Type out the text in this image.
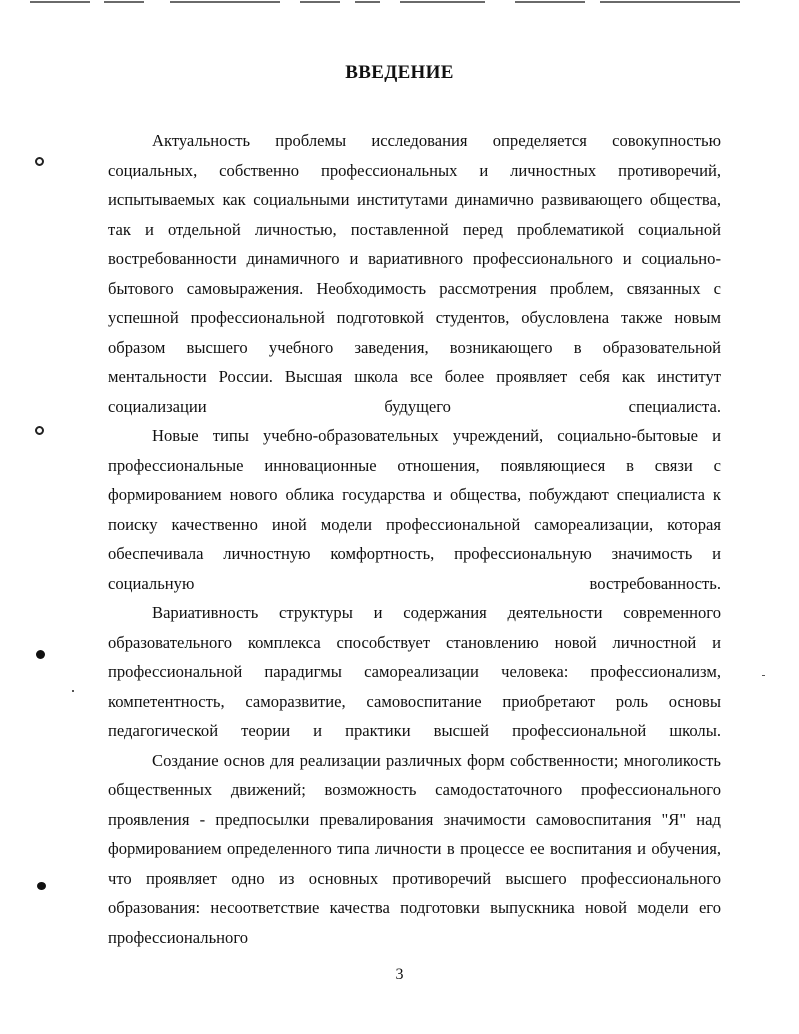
ВВЕДЕНИЕ

Актуальность проблемы исследования определяется совокупностью социальных, собственно профессиональных и личностных противоречий, испытываемых как социальными институтами динамично развивающего общества, так и отдельной личностью, поставленной перед проблематикой социальной востребованности динамичного и вариативного профессионального и социально-бытового самовыражения. Необходимость рассмотрения проблем, связанных с успешной профессиональной подготовкой студентов, обусловлена также новым образом высшего учебного заведения, возникающего в образовательной ментальности России. Высшая школа все более проявляет себя как институт социализации будущего специалиста.

Новые типы учебно-образовательных учреждений, социально-бытовые и профессиональные инновационные отношения, появляющиеся в связи с формированием нового облика государства и общества, побуждают специалиста к поиску качественно иной модели профессиональной самореализации, которая обеспечивала личностную комфортность, профессиональную значимость и социальную востребованность.

Вариативность структуры и содержания деятельности современного образовательного комплекса способствует становлению новой личностной и профессиональной парадигмы самореализации человека: профессионализм, компетентность, саморазвитие, самовоспитание приобретают роль основы педагогической теории и практики высшей профессиональной школы.

Создание основ для реализации различных форм собственности; многоликость общественных движений; возможность самодостаточного профессионального проявления - предпосылки превалирования значимости самовоспитания "Я" над формированием определенного типа личности в процессе ее воспитания и обучения, что проявляет одно из основных противоречий высшего профессионального образования: несоответствие качества подготовки выпускника новой модели его профессионального

3
